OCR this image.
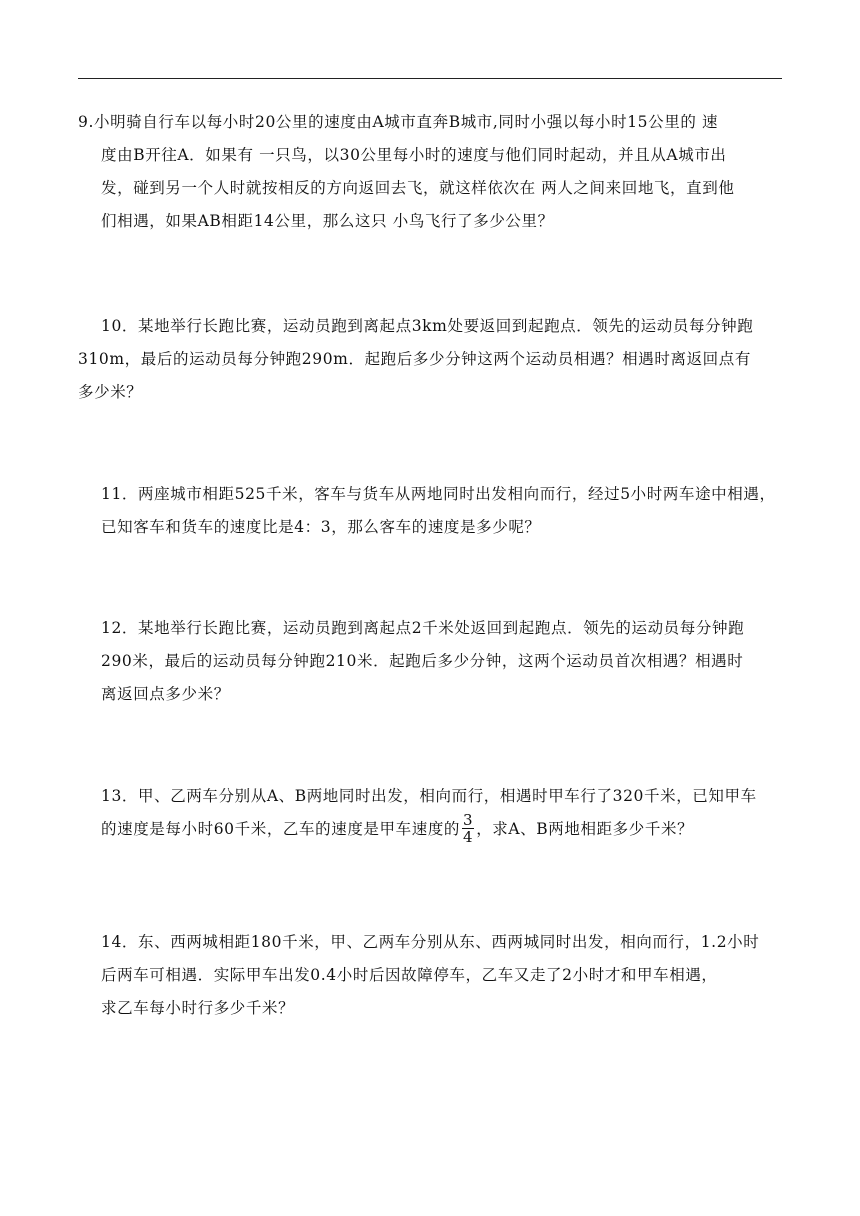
9.小明骑自行车以每小时20公里的速度由A城市直奔B城市,同时小强以每小时15公里的 速
度由B开往A．如果有 一只鸟，以30公里每小时的速度与他们同时起动，并且从A城市出
发，碰到另一个人时就按相反的方向返回去飞，就这样依次在 两人之间来回地飞，直到他
们相遇，如果AB相距14公里，那么这只 小鸟飞行了多少公里？
10．某地举行长跑比赛，运动员跑到离起点3km处要返回到起跑点．领先的运动员每分钟跑
310m，最后的运动员每分钟跑290m．起跑后多少分钟这两个运动员相遇？相遇时离返回点有
多少米？
11．两座城市相距525千米，客车与货车从两地同时出发相向而行，经过5小时两车途中相遇，
已知客车和货车的速度比是4：3，那么客车的速度是多少呢？
12．某地举行长跑比赛，运动员跑到离起点2千米处返回到起跑点．领先的运动员每分钟跑
290米，最后的运动员每分钟跑210米．起跑后多少分钟，这两个运动员首次相遇？相遇时
离返回点多少米？
13．甲、乙两车分别从A、B两地同时出发，相向而行，相遇时甲车行了320千米，已知甲车
的速度是每小时60千米，乙车的速度是甲车速度的 $\frac{3}{4}$ ，求A、B两地相距多少千米？
14．东、西两城相距180千米，甲、乙两车分别从东、西两城同时出发，相向而行，1.2小时
后两车可相遇．实际甲车出发0.4小时后因故障停车，乙车又走了2小时才和甲车相遇，
求乙车每小时行多少千米？
